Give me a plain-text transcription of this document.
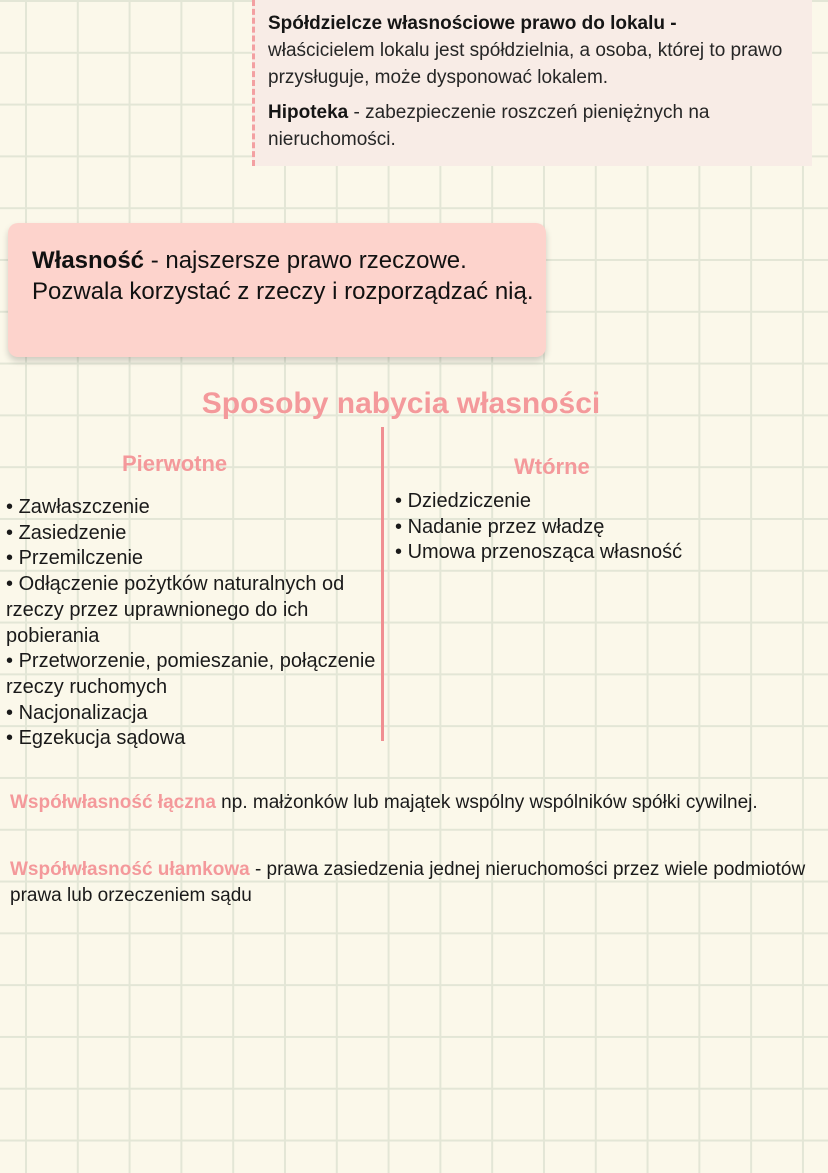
Spółdzielcze własnościowe prawo do lokalu -
właścicielem lokalu jest spółdzielnia, a osoba, której to prawo przysługuje, może dysponować lokalem.
Hipoteka - zabezpieczenie roszczeń pieniężnych na nieruchomości.

Własność - najszersze prawo rzeczowe. Pozwala korzystać z rzeczy i rozporządzać nią.

Sposoby nabycia własności
Pierwotne	Wtórne
• Zawłaszczenie
• Zasiedzenie
• Przemilczenie
• Odłączenie pożytków naturalnych od rzeczy przez uprawnionego do ich pobierania
• Przetworzenie, pomieszanie, połączenie rzeczy ruchomych
• Nacjonalizacja
• Egzekucja sądowa
• Dziedziczenie
• Nadanie przez władzę
• Umowa przenosząca własność

Współwłasność łączna np. małżonków lub majątek wspólny wspólników spółki cywilnej.

Współwłasność ułamkowa - prawa zasiedzenia jednej nieruchomości przez wiele podmiotów prawa lub orzeczeniem sądu
